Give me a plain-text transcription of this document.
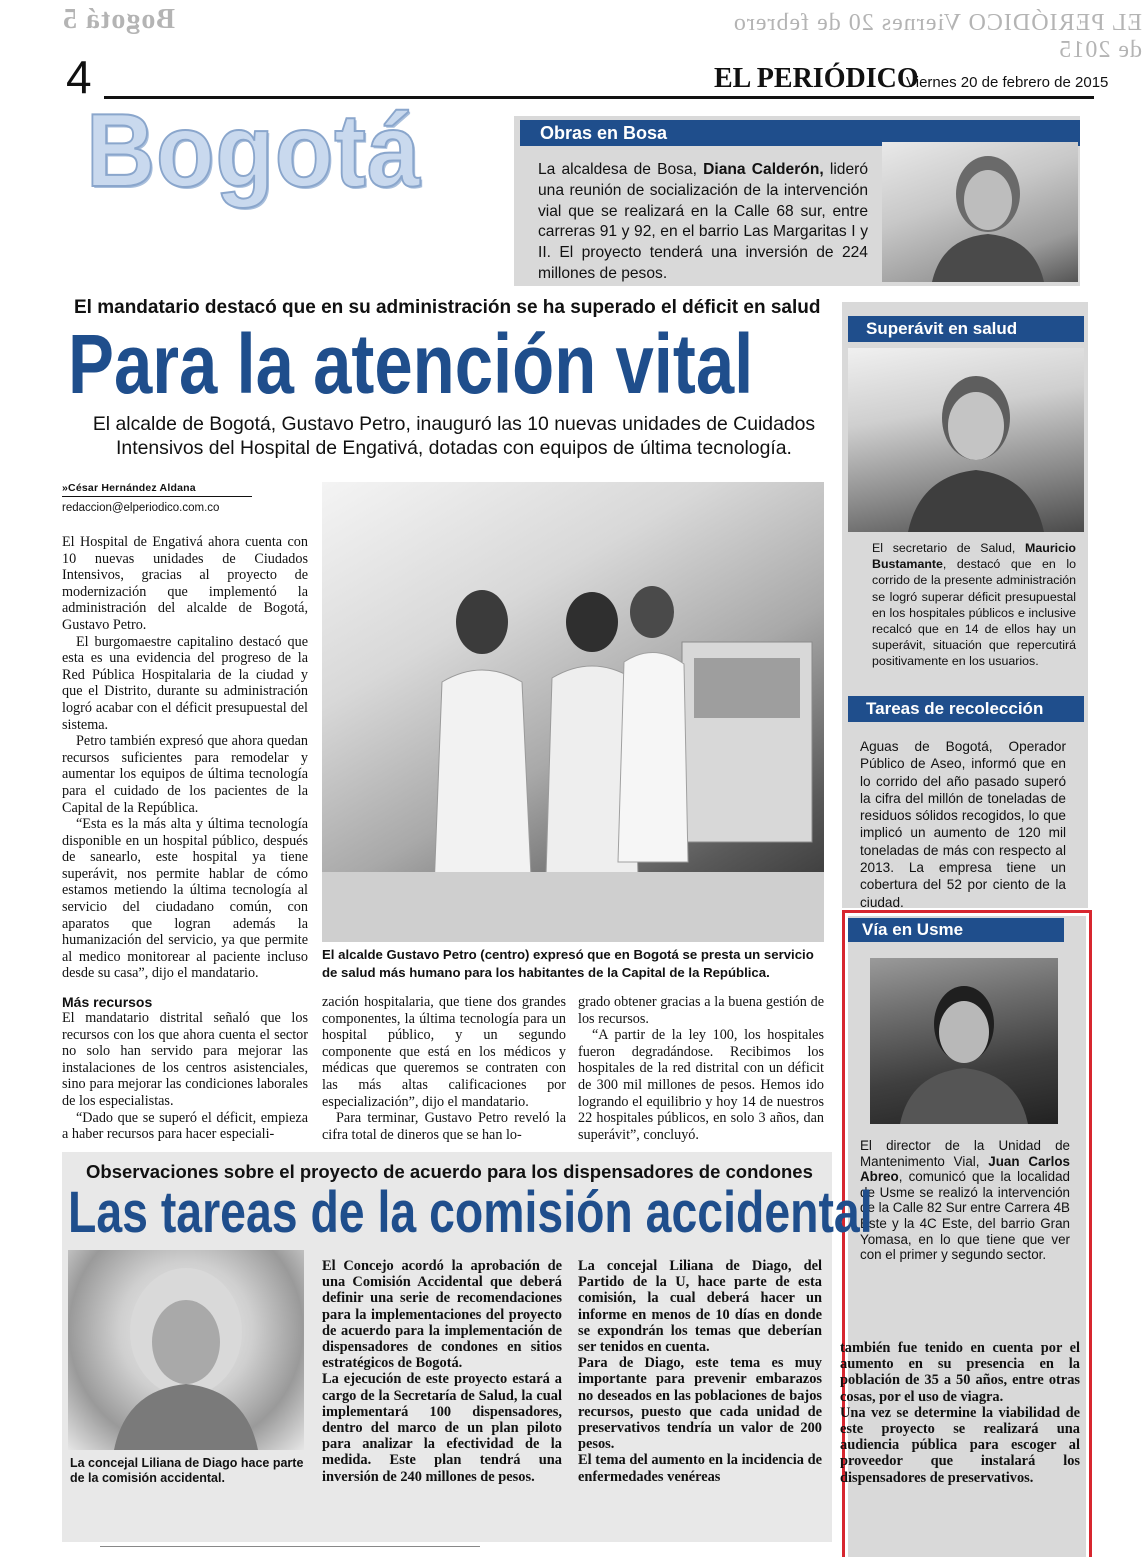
Bogotá 5	EL PERIÓDICO Viernes 20 de febrero de 2015
4	EL PERIÓDICO
Viernes 20 de febrero de 2015
Bogotá	Obras en Bosa
La alcaldesa de Bosa, Diana Calderón, lideró una reunión de socialización de la intervención vial que se realizará en la Calle 68 sur, entre carreras 91 y 92, en el barrio Las Margaritas I y II. El proyecto tenderá una inversión de 224 millones de pesos.
El mandatario destacó que en su administración se ha superado el déficit en salud
Para la atención vital
El alcalde de Bogotá, Gustavo Petro, inauguró las 10 nuevas unidades de Cuidados Intensivos del Hospital de Engativá, dotadas con equipos de última tecnología.
»César Hernández Aldana
redaccion@elperiodico.com.co

El Hospital de Engativá ahora cuenta con 10 nuevas unidades de Ciudados Intensivos, gracias al proyecto de modernización que implementó la administración del alcalde de Bogotá, Gustavo Petro.

El burgomaestre capitalino destacó que esta es una evidencia del progreso de la Red Pública Hospitalaria de la ciudad y que el Distrito, durante su administración logró acabar con el déficit presupuestal del sistema.

Petro también expresó que ahora quedan recursos suficientes para remodelar y aumentar los equipos de última tecnología para el cuidado de los pacientes de la Capital de la República.

“Esta es la más alta y última tecnología disponible en un hospital público, después de sanearlo, este hospital ya tiene superávit, nos permite hablar de cómo estamos metiendo la última tecnología al servicio del ciudadano común, con aparatos que logran además la humanización del servicio, ya que permite al medico monitorear al paciente incluso desde su casa”, dijo el mandatario.

Más recursos

El mandatario distrital señaló que los recursos con los que ahora cuenta el sector no solo han servido para mejorar las instalaciones de los centros asistenciales, sino para mejorar las condiciones laborales de los especialistas.

“Dado que se superó el déficit, empieza a haber recursos para hacer especiali-

zación hospitalaria, que tiene dos grandes componentes, la última tecnología para un hospital público, y un segundo componente que está en los médicos y médicas que queremos se contraten con las más altas calificaciones por especialización”, dijo el mandatario.

Para terminar, Gustavo Petro reveló la cifra total de dineros que se han lo-

grado obtener gracias a la buena gestión de los recursos.

“A partir de la ley 100, los hospitales fueron degradándose. Recibimos los hospitales de la red distrital con un déficit de 300 mil millones de pesos. Hemos ido logrando el equilibrio y hoy 14 de nuestros 22 hospitales públicos, en solo 3 años, dan superávit”, concluyó.

El alcalde Gustavo Petro (centro) expresó que en Bogotá se presta un servicio de salud más humano para los habitantes de la Capital de la República.
Superávit en salud
El secretario de Salud, Mauricio Bustamante, destacó que en lo corrido de la presente administración se logró superar déficit presupuestal en los hospitales públicos e inclusive recalcó que en 14 de ellos hay un superávit, situación que repercutirá positivamente en los usuarios.
Tareas de recolección
Aguas de Bogotá, Operador Público de Aseo, informó que en lo corrido del año pasado superó la cifra del millón de toneladas de residuos sólidos recogidos, lo que implicó un aumento de 120 mil toneladas de más con respecto al 2013. La empresa tiene un cobertura del 52 por ciento de la ciudad.
Vía en Usme
El director de la Unidad de Mantenimento Vial, Juan Carlos Abreo, comunicó que la localidad de Usme se realizó la intervención de la Calle 82 Sur entre Carrera 4B Este y la 4C Este, del barrio Gran Yomasa, en lo que tiene que ver con el primer y segundo sector.
Observaciones sobre el proyecto de acuerdo para los dispensadores de condones
Las tareas de la comisión accidental
La concejal Liliana de Diago hace parte de la comisión accidental.

El Concejo acordó la aprobación de una Comisión Accidental que deberá definir una serie de recomendaciones para la implementaciones del proyecto de acuerdo para la implementación de dispensadores de condones en sitios estratégicos de Bogotá.

La ejecución de este proyecto estará a cargo de la Secretaría de Salud, la cual implementará 100 dispensadores, dentro del marco de un plan piloto para analizar la efectividad de la medida. Este plan tendrá una inversión de 240 millones de pesos.

La concejal Liliana de Diago, del Partido de la U, hace parte de esta comisión, la cual deberá hacer un informe en menos de 10 días en donde se expondrán los temas que deberían ser tenidos en cuenta.

Para de Diago, este tema es muy importante para prevenir embarazos no deseados en las poblaciones de bajos recursos, puesto que cada unidad de preservativos tendría un valor de 200 pesos.

El tema del aumento en la incidencia de enfermedades venéreas

también fue tenido en cuenta por el aumento en su presencia en la población de 35 a 50 años, entre otras cosas, por el uso de viagra.

Una vez se determine la viabilidad de este proyecto se realizará una audiencia pública para escoger al proveedor que instalará los dispensadores de preservativos.
